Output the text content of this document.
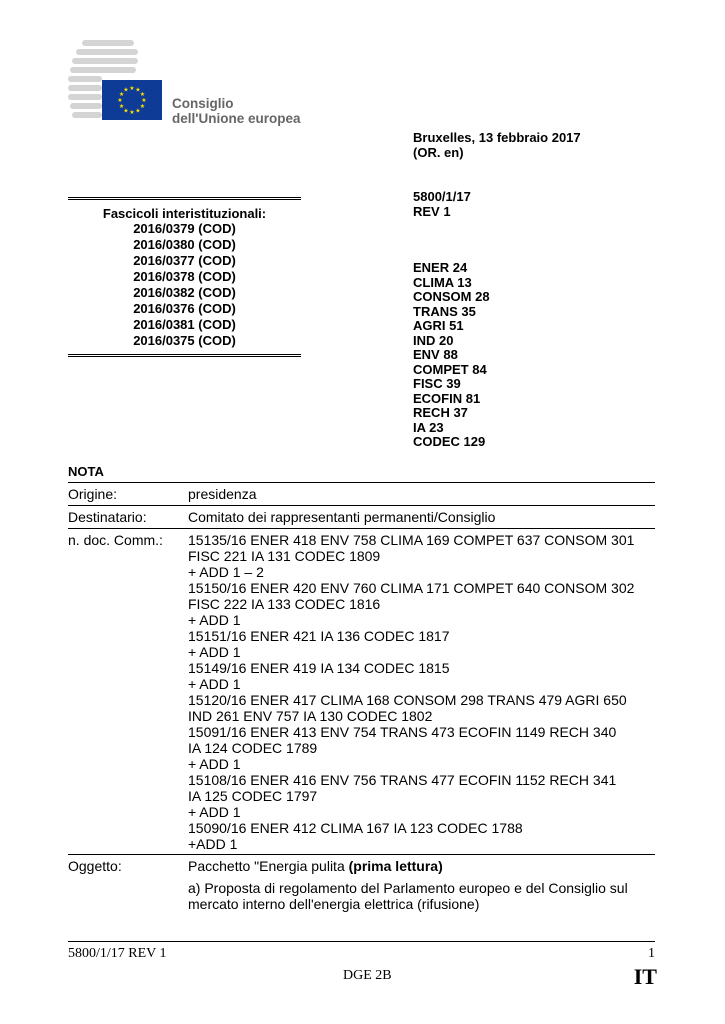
★ ★
★
★
★
★
★
★
★
★
★
★
Consiglio
dell'Unione europea
Bruxelles, 13 febbraio 2017
(OR. en)
5800/1/17
REV 1
Fascicoli interistituzionali:
2016/0379 (COD)
2016/0380 (COD)
2016/0377 (COD)
2016/0378 (COD)
2016/0382 (COD)
2016/0376 (COD)
2016/0381 (COD)
2016/0375 (COD)
ENER 24
CLIMA 13
CONSOM 28
TRANS 35
AGRI 51
IND 20
ENV 88
COMPET 84
FISC 39
ECOFIN 81
RECH 37
IA 23
CODEC 129
NOTA
Origine:	presidenza
Destinatario:	Comitato dei rappresentanti permanenti/Consiglio
n. doc. Comm.: 15135/16 ENER 418 ENV 758 CLIMA 169 COMPET 637 CONSOM 301
FISC 221 IA 131 CODEC 1809
+ ADD 1 – 2
15150/16 ENER 420 ENV 760 CLIMA 171 COMPET 640 CONSOM 302
FISC 222 IA 133 CODEC 1816
+ ADD 1
15151/16 ENER 421 IA 136 CODEC 1817
+ ADD 1
15149/16 ENER 419 IA 134 CODEC 1815
+ ADD 1
15120/16 ENER 417 CLIMA 168 CONSOM 298 TRANS 479 AGRI 650
IND 261 ENV 757 IA 130 CODEC 1802
15091/16 ENER 413 ENV 754 TRANS 473 ECOFIN 1149 RECH 340
IA 124 CODEC 1789
+ ADD 1
15108/16 ENER 416 ENV 756 TRANS 477 ECOFIN 1152 RECH 341
IA 125 CODEC 1797
+ ADD 1
15090/16 ENER 412 CLIMA 167 IA 123 CODEC 1788
+ADD 1
Oggetto:	Pacchetto "Energia pulita (prima lettura)
a) Proposta di regolamento del Parlamento europeo e del Consiglio sul
mercato interno dell'energia elettrica (rifusione)
5800/1/17 REV 1	1
DGE 2B	IT
